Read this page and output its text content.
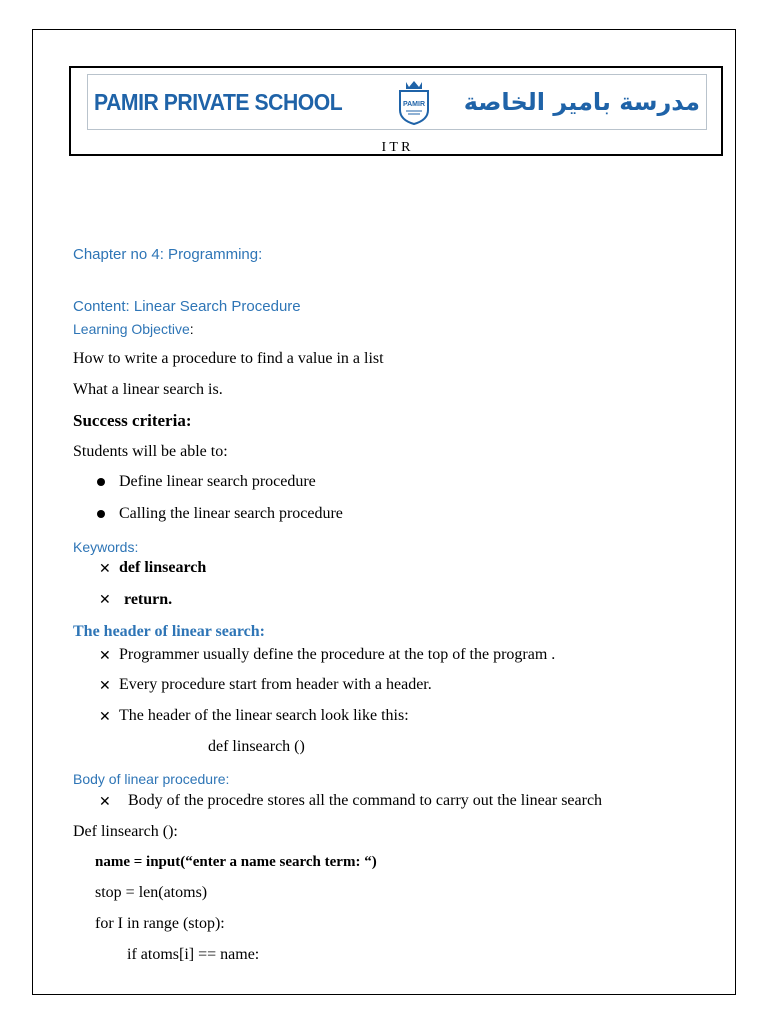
PAMIR PRIVATE SCHOOL	PAMIR مدرسة بامير الخاصة
I T R
Chapter no 4: Programming:
Content: Linear Search Procedure
Learning Objective:
How to write a procedure to find a value in a list
What a linear search is.
Success criteria:
Students will be able to:
Define linear search procedure
Calling the linear search procedure
Keywords:
✕ def linsearch
✕ return.
The header of linear search:
✕ Programmer usually define the procedure at the top of the program .
✕ Every procedure start from header with a header.
✕ The header of the linear search look like this:
def linsearch ()
Body of linear procedure:
✕ Body of the procedre stores all the command to carry out the linear search
Def linsearch ():
name = input(“enter a name search term: “)
stop = len(atoms)
for I in range (stop):
if atoms[i] == name:
